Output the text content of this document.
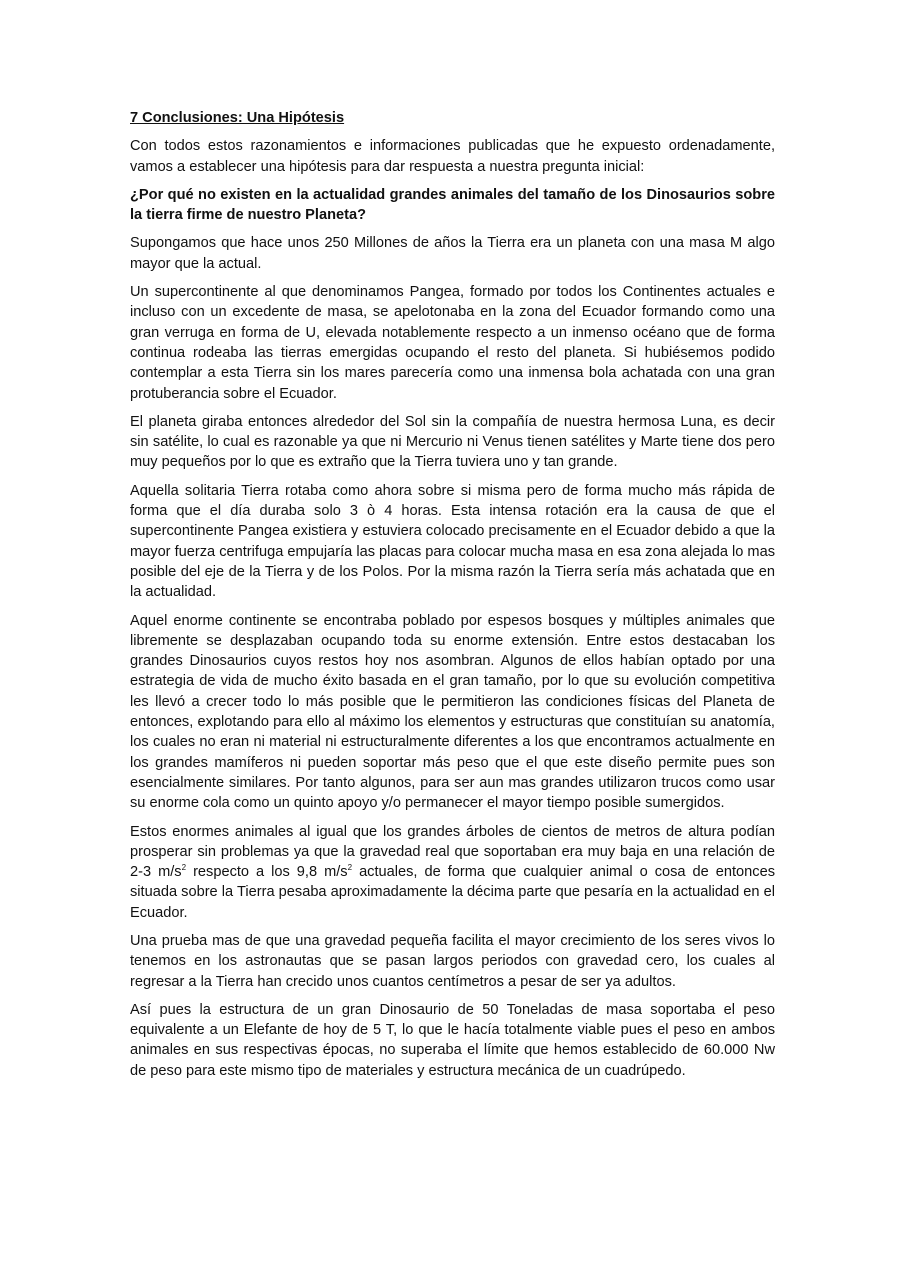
7 Conclusiones: Una Hipótesis
Con todos estos razonamientos e informaciones publicadas que he expuesto ordenadamente, vamos a establecer una hipótesis para dar respuesta a nuestra pregunta inicial:
¿Por qué no existen en la actualidad grandes animales del tamaño de los Dinosaurios sobre la tierra firme de nuestro Planeta?
Supongamos que hace unos 250 Millones de años la Tierra era un planeta con una masa M algo mayor que la actual.
Un supercontinente al que denominamos Pangea, formado por todos los Continentes actuales e incluso con un excedente de masa, se apelotonaba en la zona del Ecuador formando como una gran verruga en forma de U, elevada notablemente respecto a un inmenso océano que de forma continua rodeaba las tierras emergidas ocupando el resto del planeta. Si hubiésemos podido contemplar a esta Tierra sin los mares parecería como una inmensa bola achatada con una gran protuberancia sobre el Ecuador.
El planeta giraba entonces alrededor del Sol sin la compañía de nuestra hermosa Luna, es decir sin satélite, lo cual es razonable ya que ni Mercurio ni Venus tienen satélites y Marte tiene dos pero muy pequeños por lo que es extraño que la Tierra tuviera uno y tan grande.
Aquella solitaria Tierra rotaba como ahora sobre si misma pero de forma mucho más rápida de forma que el día duraba solo 3 ò 4 horas. Esta intensa rotación era la causa de que el supercontinente Pangea existiera y estuviera colocado precisamente en el Ecuador debido a que la mayor fuerza centrifuga empujaría las placas para colocar mucha masa en esa zona alejada lo mas posible del eje de la Tierra y de los Polos. Por la misma razón la Tierra sería más achatada que en la actualidad.
Aquel enorme continente se encontraba poblado por espesos bosques y múltiples animales que libremente se desplazaban ocupando toda su enorme extensión. Entre estos destacaban los grandes Dinosaurios cuyos restos hoy nos asombran. Algunos de ellos habían optado por una estrategia de vida de mucho éxito basada en el gran tamaño, por lo que su evolución competitiva les llevó a crecer todo lo más posible que le permitieron las condiciones físicas del Planeta de entonces, explotando para ello al máximo los elementos y estructuras que constituían su anatomía, los cuales no eran ni material ni estructuralmente diferentes a los que encontramos actualmente en los grandes mamíferos ni pueden soportar más peso que el que este diseño permite pues son esencialmente similares. Por tanto algunos, para ser aun mas grandes utilizaron trucos como usar su enorme cola como un quinto apoyo y/o permanecer el mayor tiempo posible sumergidos.
Estos enormes animales al igual que los grandes árboles de cientos de metros de altura podían prosperar sin problemas ya que la gravedad real que soportaban era muy baja en una relación de 2-3 $m/s^2$ respecto a los 9,8 $m/s^2$ actuales, de forma que cualquier animal o cosa de entonces situada sobre la Tierra pesaba aproximadamente la décima parte que pesaría en la actualidad en el Ecuador.
Una prueba mas de que una gravedad pequeña facilita el mayor crecimiento de los seres vivos lo tenemos en los astronautas que se pasan largos periodos con gravedad cero, los cuales al regresar a la Tierra han crecido unos cuantos centímetros a pesar de ser ya adultos.
Así pues la estructura de un gran Dinosaurio de 50 Toneladas de masa soportaba el peso equivalente a un Elefante de hoy de 5 T, lo que le hacía totalmente viable pues el peso en ambos animales en sus respectivas épocas, no superaba el límite que hemos establecido de 60.000 Nw de peso para este mismo tipo de materiales y estructura mecánica de un cuadrúpedo.
